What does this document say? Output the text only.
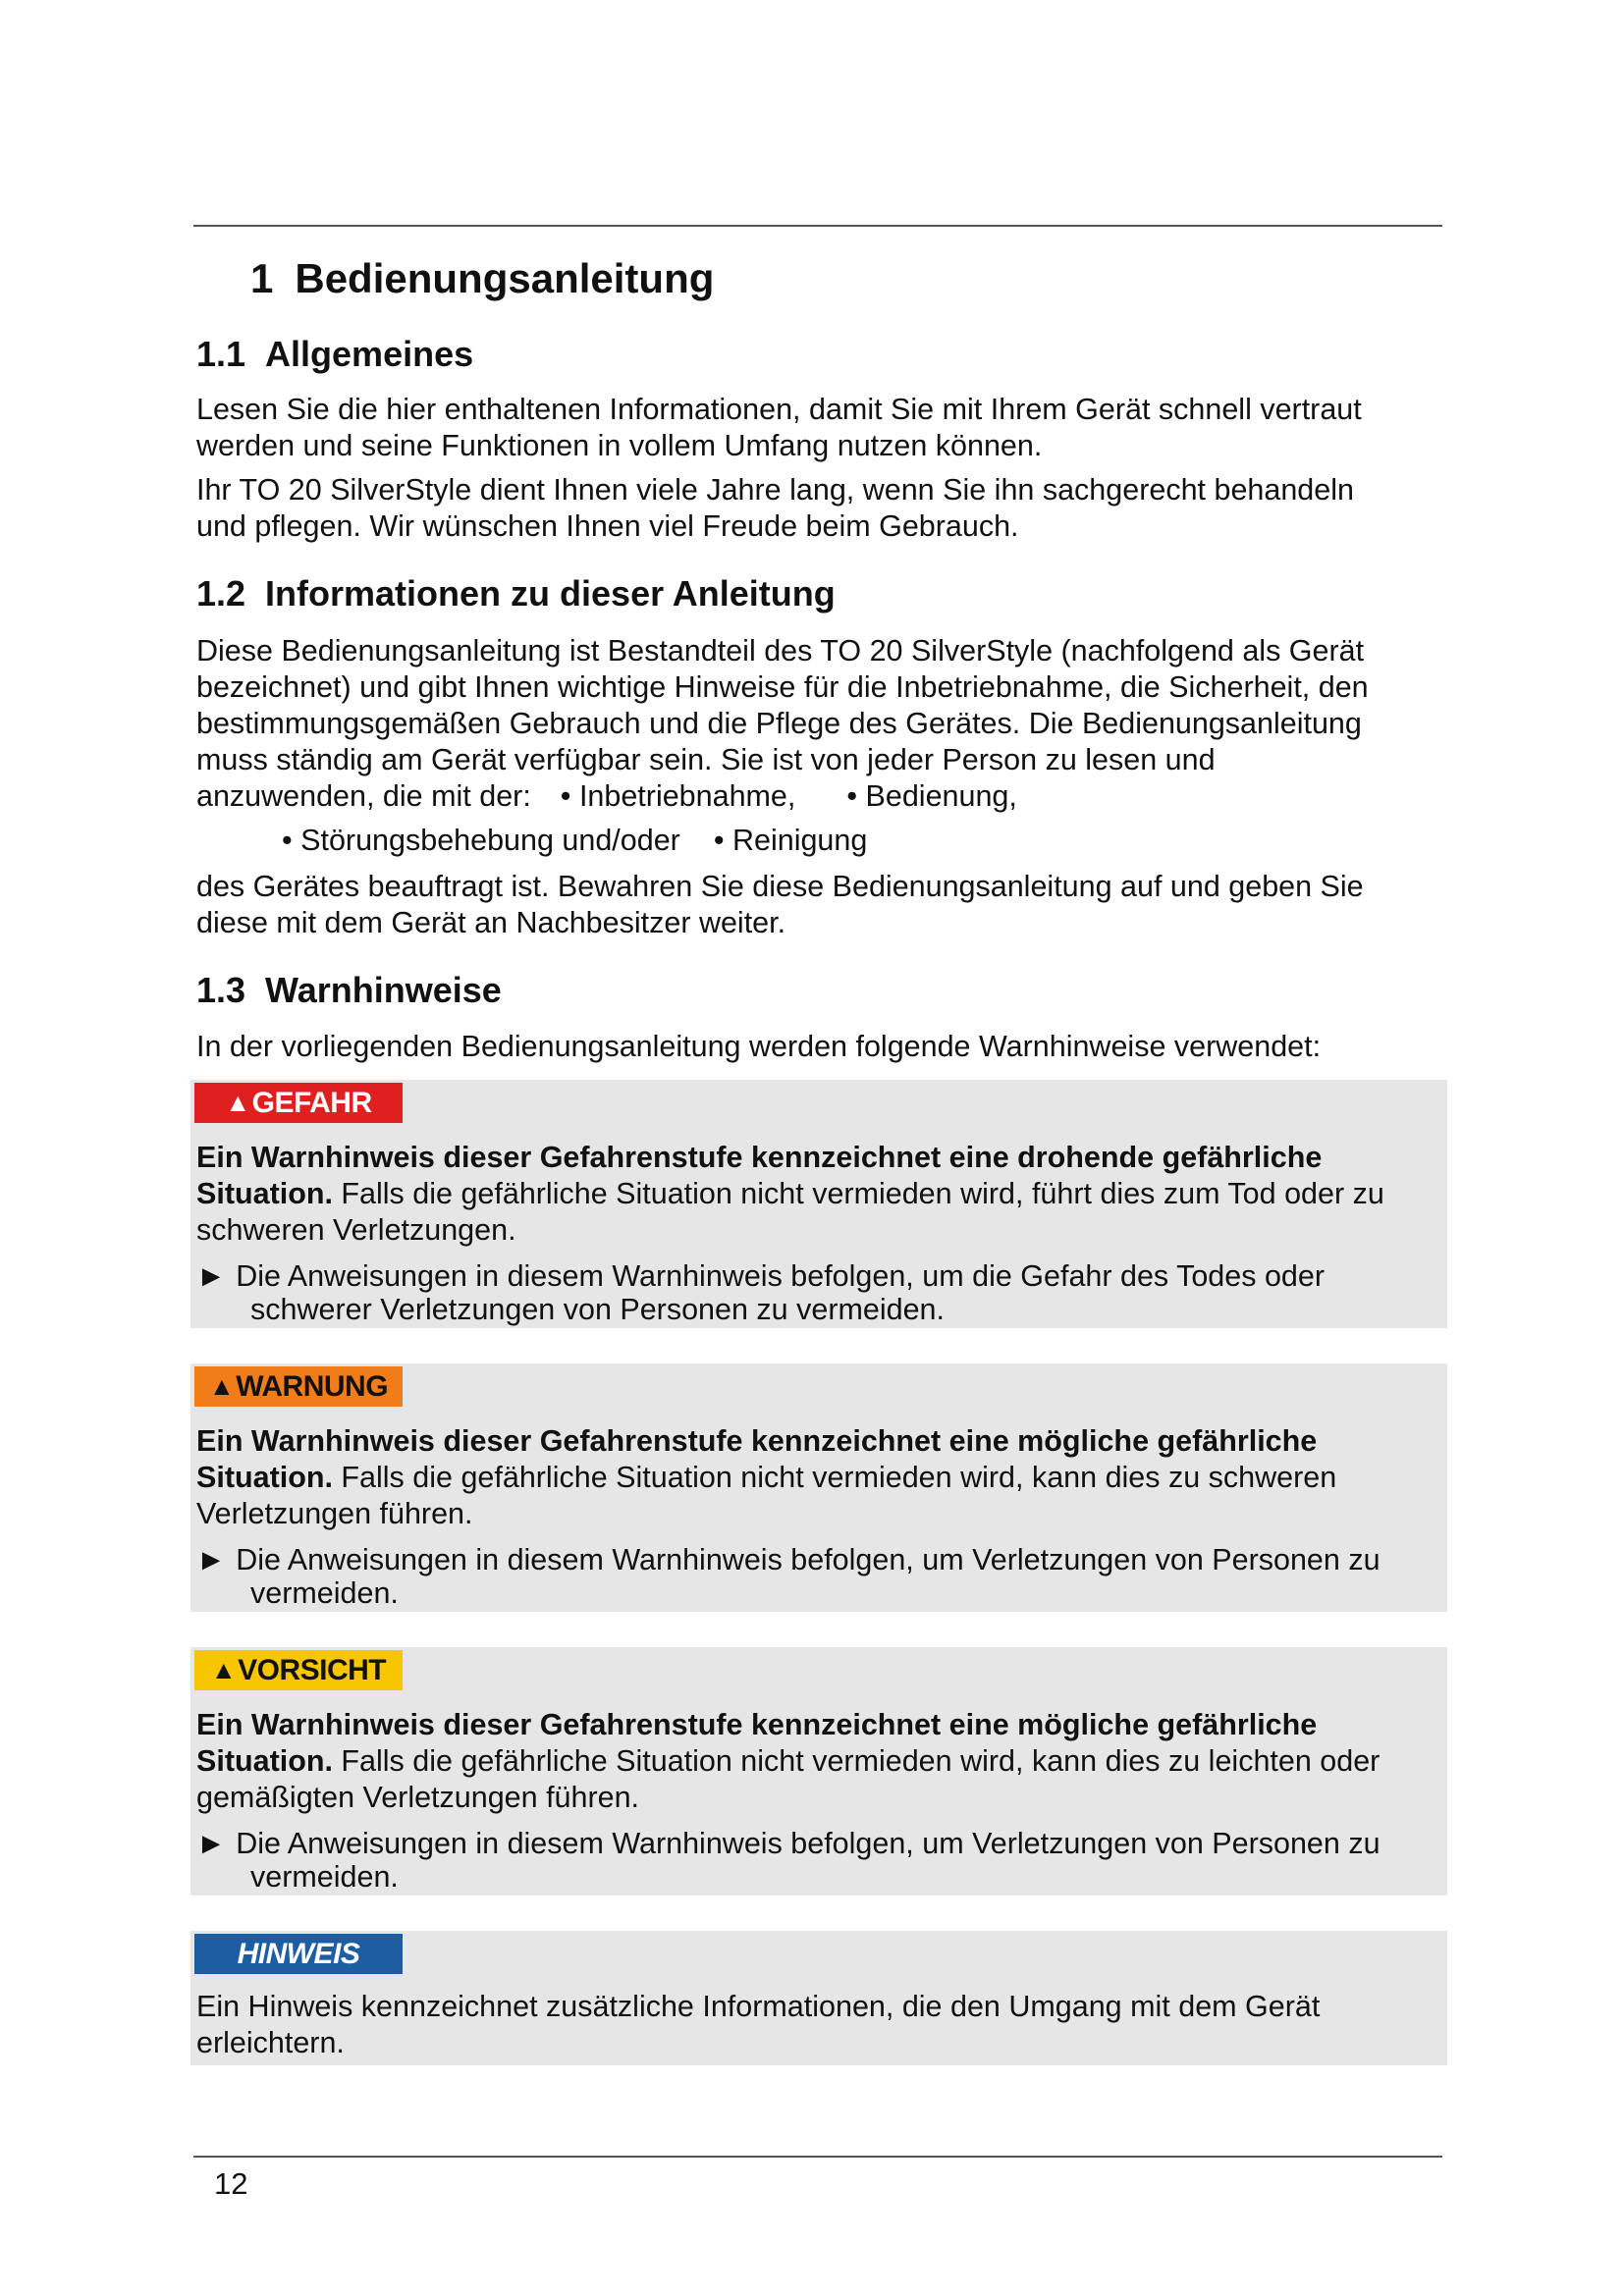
1 Bedienungsanleitung
1.1 Allgemeines

Lesen Sie die hier enthaltenen Informationen, damit Sie mit Ihrem Gerät schnell vertraut
werden und seine Funktionen in vollem Umfang nutzen können.

Ihr TO 20 SilverStyle dient Ihnen viele Jahre lang, wenn Sie ihn sachgerecht behandeln
und pflegen. Wir wünschen Ihnen viel Freude beim Gebrauch.

1.2 Informationen zu dieser Anleitung

Diese Bedienungsanleitung ist Bestandteil des TO 20 SilverStyle (nachfolgend als Gerät
bezeichnet) und gibt Ihnen wichtige Hinweise für die Inbetriebnahme, die Sicherheit, den
bestimmungsgemäßen Gebrauch und die Pflege des Gerätes. Die Bedienungsanleitung
muss ständig am Gerät verfügbar sein. Sie ist von jeder Person zu lesen und
anzuwenden, die mit der: • Inbetriebnahme, • Bedienung,

• Störungsbehebung und/oder • Reinigung

des Gerätes beauftragt ist. Bewahren Sie diese Bedienungsanleitung auf und geben Sie
diese mit dem Gerät an Nachbesitzer weiter.

1.3 Warnhinweise

In der vorliegenden Bedienungsanleitung werden folgende Warnhinweise verwendet:

▲ GEFAHR

Ein Warnhinweis dieser Gefahrenstufe kennzeichnet eine drohende gefährliche
Situation. Falls die gefährliche Situation nicht vermieden wird, führt dies zum Tod oder zu
schweren Verletzungen.

► Die Anweisungen in diesem Warnhinweis befolgen, um die Gefahr des Todes oder
schwerer Verletzungen von Personen zu vermeiden.

▲ WARNUNG

Ein Warnhinweis dieser Gefahrenstufe kennzeichnet eine mögliche gefährliche
Situation. Falls die gefährliche Situation nicht vermieden wird, kann dies zu schweren
Verletzungen führen.

► Die Anweisungen in diesem Warnhinweis befolgen, um Verletzungen von Personen zu
vermeiden.

▲ VORSICHT

Ein Warnhinweis dieser Gefahrenstufe kennzeichnet eine mögliche gefährliche
Situation. Falls die gefährliche Situation nicht vermieden wird, kann dies zu leichten oder
gemäßigten Verletzungen führen.

► Die Anweisungen in diesem Warnhinweis befolgen, um Verletzungen von Personen zu
vermeiden.

HINWEIS

Ein Hinweis kennzeichnet zusätzliche Informationen, die den Umgang mit dem Gerät
erleichtern.

12
